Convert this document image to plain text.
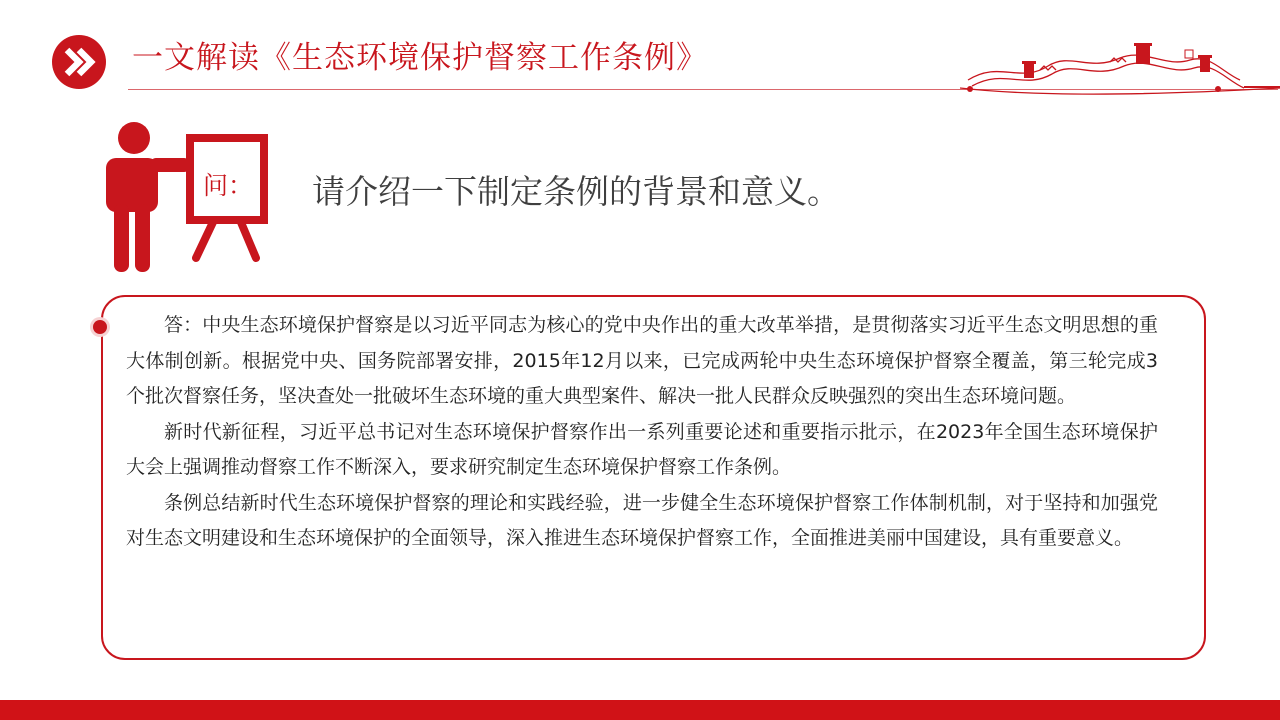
一文解读《生态环境保护督察工作条例》
问： 请介绍一下制定条例的背景和意义。

答：中央生态环境保护督察是以习近平同志为核心的党中央作出的重大改革举措，是贯彻落实习近平生态文明思想的重大体制创新。根据党中央、国务院部署安排，2015年12月以来，已完成两轮中央生态环境保护督察全覆盖，第三轮完成3个批次督察任务，坚决查处一批破坏生态环境的重大典型案件、解决一批人民群众反映强烈的突出生态环境问题。

新时代新征程，习近平总书记对生态环境保护督察作出一系列重要论述和重要指示批示，在2023年全国生态环境保护大会上强调推动督察工作不断深入，要求研究制定生态环境保护督察工作条例。

条例总结新时代生态环境保护督察的理论和实践经验，进一步健全生态环境保护督察工作体制机制，对于坚持和加强党对生态文明建设和生态环境保护的全面领导，深入推进生态环境保护督察工作，全面推进美丽中国建设，具有重要意义。
